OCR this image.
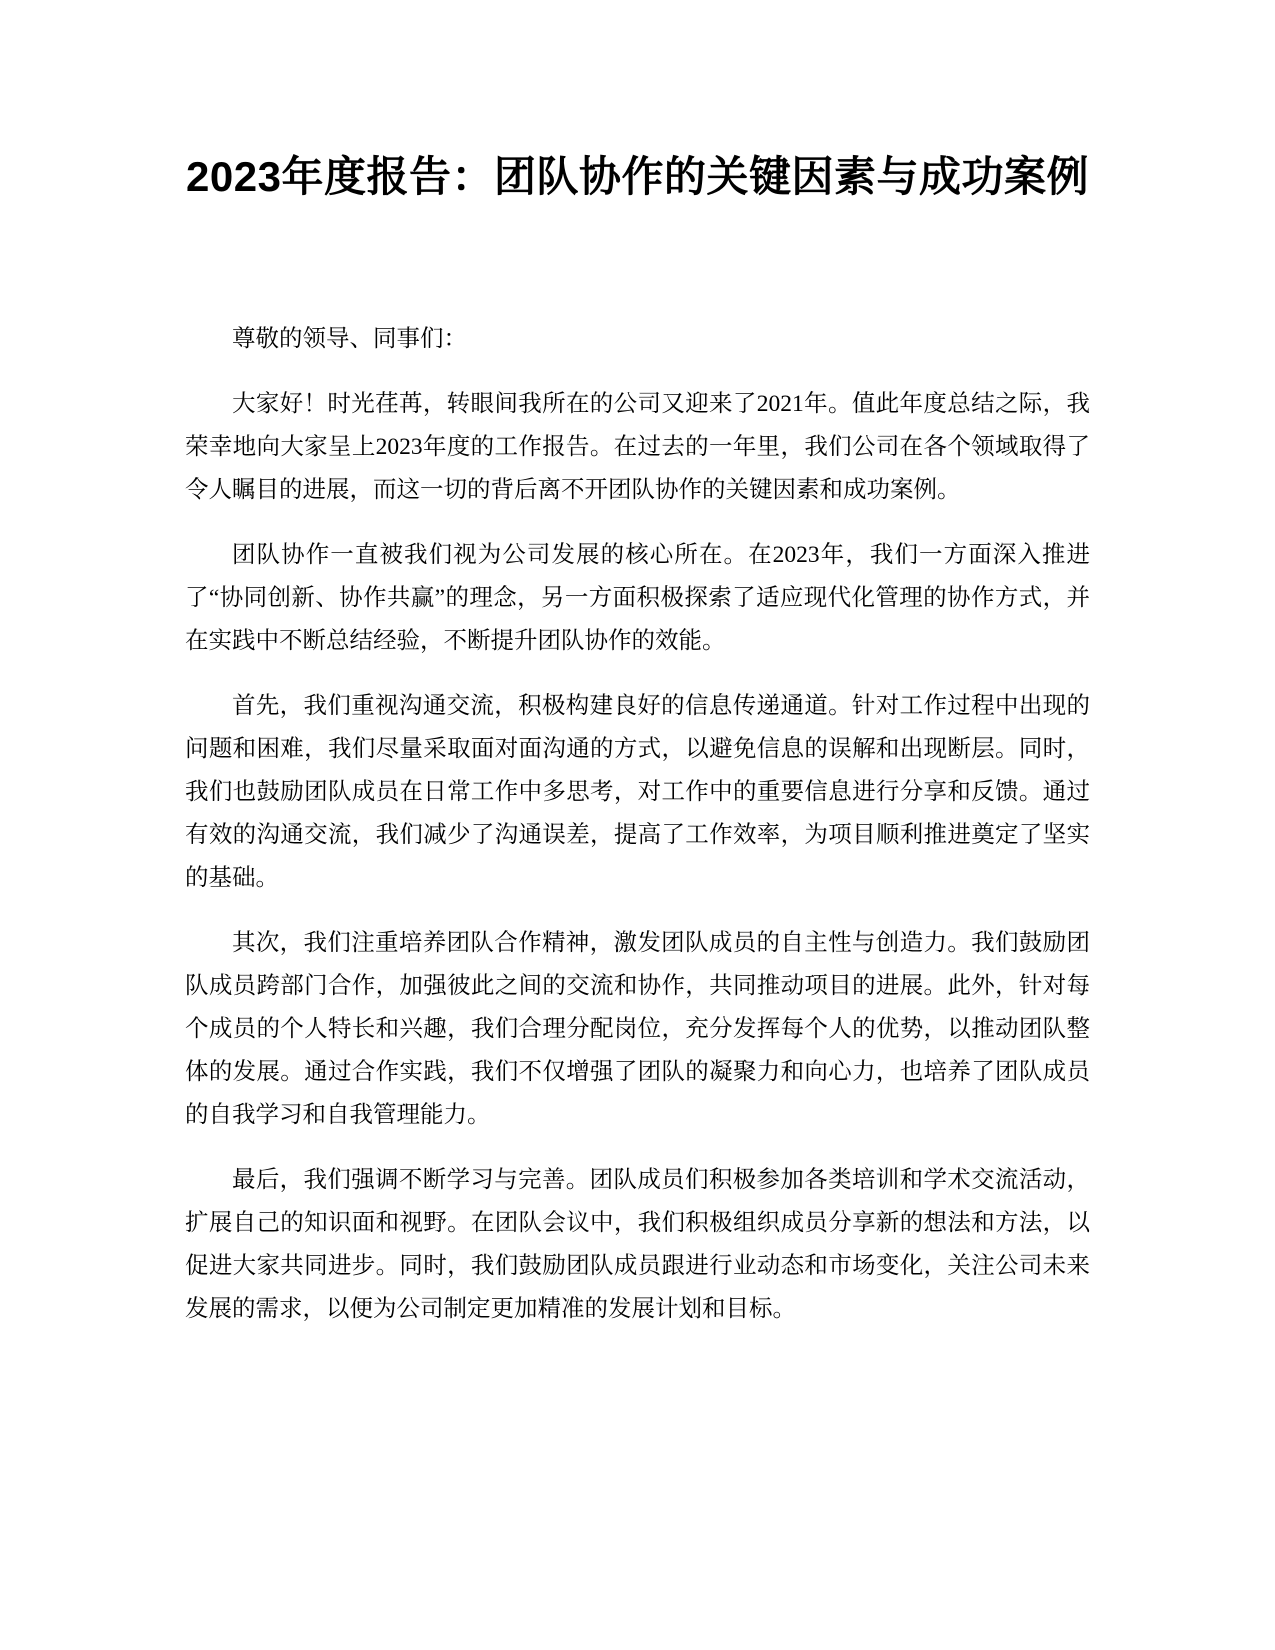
2023年度报告：团队协作的关键因素与成功案例

尊敬的领导、同事们：

大家好！时光荏苒，转眼间我所在的公司又迎来了2021年。值此年度总结之际，我荣幸地向大家呈上2023年度的工作报告。在过去的一年里，我们公司在各个领域取得了令人瞩目的进展，而这一切的背后离不开团队协作的关键因素和成功案例。

团队协作一直被我们视为公司发展的核心所在。在2023年，我们一方面深入推进了“协同创新、协作共赢”的理念，另一方面积极探索了适应现代化管理的协作方式，并在实践中不断总结经验，不断提升团队协作的效能。

首先，我们重视沟通交流，积极构建良好的信息传递通道。针对工作过程中出现的问题和困难，我们尽量采取面对面沟通的方式，以避免信息的误解和出现断层。同时，我们也鼓励团队成员在日常工作中多思考，对工作中的重要信息进行分享和反馈。通过有效的沟通交流，我们减少了沟通误差，提高了工作效率，为项目顺利推进奠定了坚实的基础。

其次，我们注重培养团队合作精神，激发团队成员的自主性与创造力。我们鼓励团队成员跨部门合作，加强彼此之间的交流和协作，共同推动项目的进展。此外，针对每个成员的个人特长和兴趣，我们合理分配岗位，充分发挥每个人的优势，以推动团队整体的发展。通过合作实践，我们不仅增强了团队的凝聚力和向心力，也培养了团队成员的自我学习和自我管理能力。

最后，我们强调不断学习与完善。团队成员们积极参加各类培训和学术交流活动，扩展自己的知识面和视野。在团队会议中，我们积极组织成员分享新的想法和方法，以促进大家共同进步。同时，我们鼓励团队成员跟进行业动态和市场变化，关注公司未来发展的需求，以便为公司制定更加精准的发展计划和目标。
